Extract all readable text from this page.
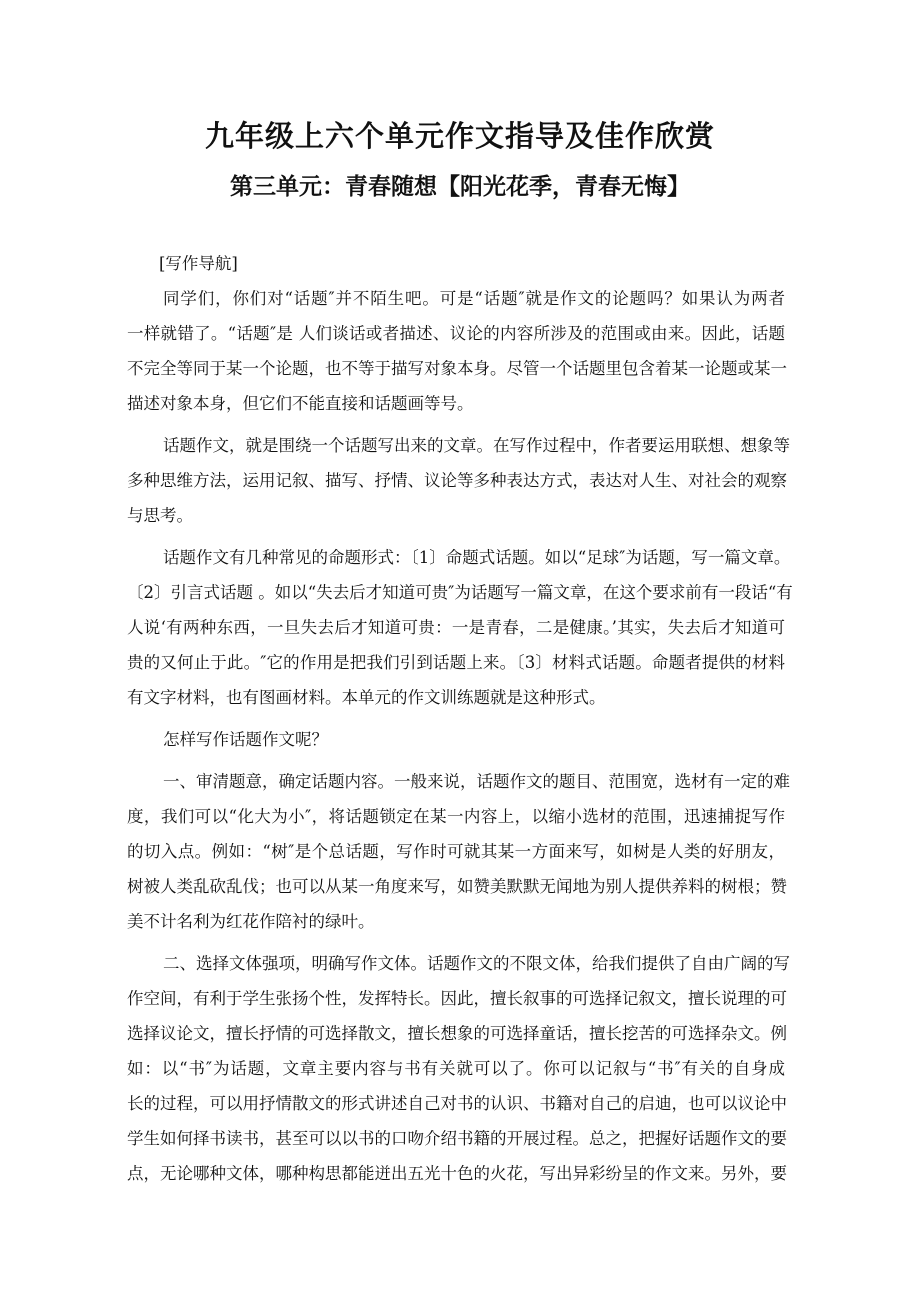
九年级上六个单元作文指导及佳作欣赏
第三单元：青春随想【阳光花季，青春无悔】
[写作导航]
同学们，你们对“话题″并不陌生吧。可是“话题″就是作文的论题吗？如果认为两者
一样就错了。“话题″是 人们谈话或者描述、议论的内容所涉及的范围或由来。因此，话题
不完全等同于某一个论题，也不等于描写对象本身。尽管一个话题里包含着某一论题或某一
描述对象本身，但它们不能直接和话题画等号。
话题作文，就是围绕一个话题写出来的文章。在写作过程中，作者要运用联想、想象等
多种思维方法，运用记叙、描写、抒情、议论等多种表达方式，表达对人生、对社会的观察
与思考。
话题作文有几种常见的命题形式：〔1〕命题式话题。如以“足球″为话题，写一篇文章。
〔2〕引言式话题 。如以“失去后才知道可贵″为话题写一篇文章，在这个要求前有一段话“有
人说‘有两种东西，一旦失去后才知道可贵：一是青春，二是健康。’其实，失去后才知道可
贵的又何止于此。″它的作用是把我们引到话题上来。〔3〕材料式话题。命题者提供的材料
有文字材料，也有图画材料。本单元的作文训练题就是这种形式。
怎样写作话题作文呢？
一、审清题意，确定话题内容。一般来说，话题作文的题目、范围宽，选材有一定的难
度，我们可以“化大为小″，将话题锁定在某一内容上，以缩小选材的范围，迅速捕捉写作
的切入点。例如：“树″是个总话题，写作时可就其某一方面来写，如树是人类的好朋友，
树被人类乱砍乱伐；也可以从某一角度来写，如赞美默默无闻地为别人提供养料的树根；赞
美不计名利为红花作陪衬的绿叶。
二、选择文体强项，明确写作文体。话题作文的不限文体，给我们提供了自由广阔的写
作空间，有利于学生张扬个性，发挥特长。因此，擅长叙事的可选择记叙文，擅长说理的可
选择议论文，擅长抒情的可选择散文，擅长想象的可选择童话，擅长挖苦的可选择杂文。例
如：以“书″为话题，文章主要内容与书有关就可以了。你可以记叙与“书″有关的自身成
长的过程，可以用抒情散文的形式讲述自己对书的认识、书籍对自己的启迪，也可以议论中
学生如何择书读书，甚至可以以书的口吻介绍书籍的开展过程。总之，把握好话题作文的要
点，无论哪种文体，哪种构思都能迸出五光十色的火花，写出异彩纷呈的作文来。另外，要
